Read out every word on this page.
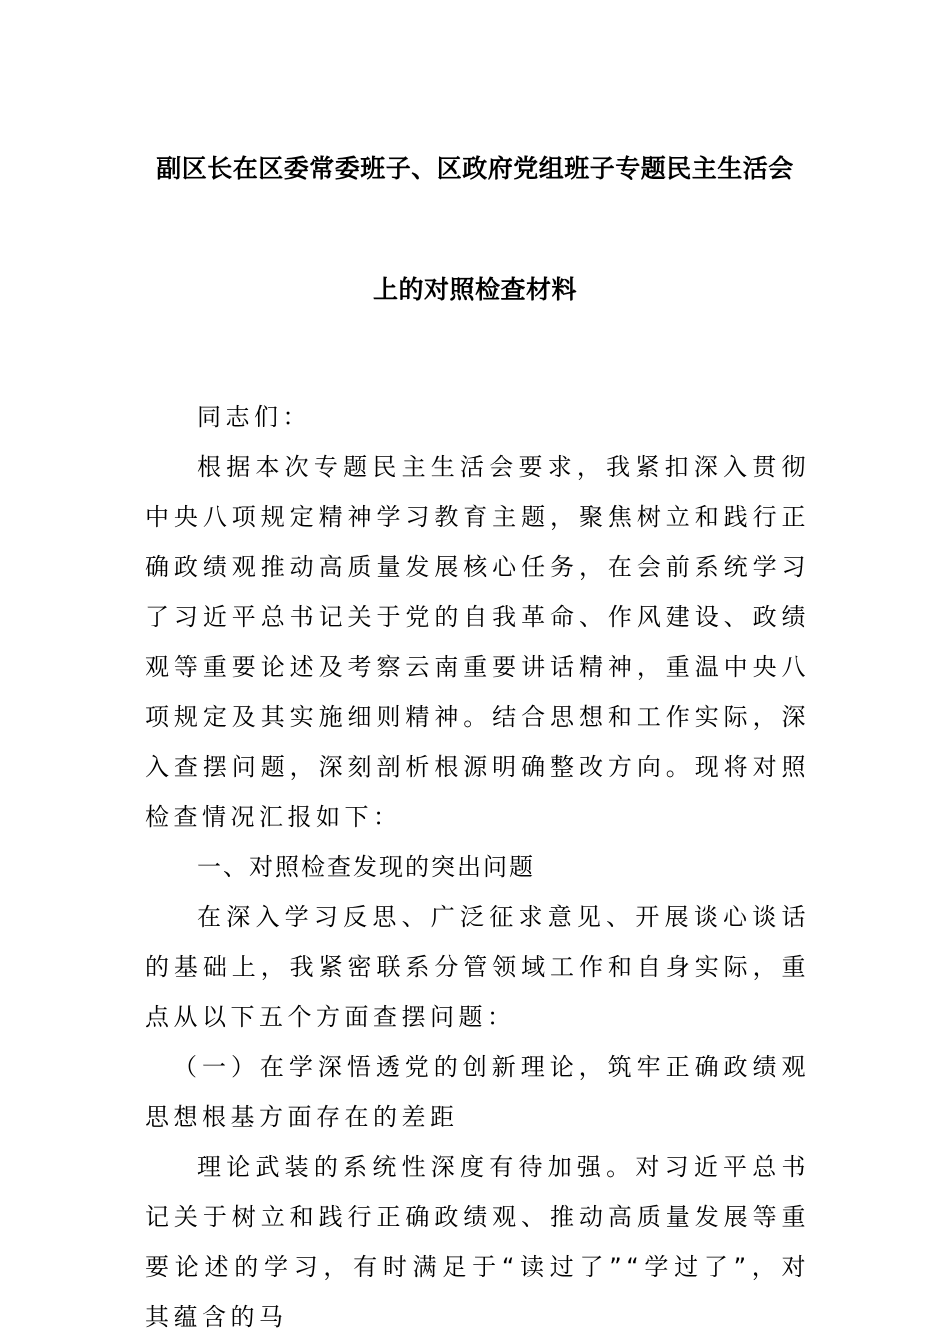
副区长在区委常委班子、区政府党组班子专题民主生活会
上的对照检查材料

同志们：

根据本次专题民主生活会要求，我紧扣深入贯彻中央八项规定精神学习教育主题，聚焦树立和践行正确政绩观推动高质量发展核心任务，在会前系统学习了习近平总书记关于党的自我革命、作风建设、政绩观等重要论述及考察云南重要讲话精神，重温中央八项规定及其实施细则精神。结合思想和工作实际，深入查摆问题，深刻剖析根源明确整改方向。现将对照检查情况汇报如下：

一、对照检查发现的突出问题

在深入学习反思、广泛征求意见、开展谈心谈话的基础上，我紧密联系分管领域工作和自身实际，重点从以下五个方面查摆问题：

（一）在学深悟透党的创新理论，筑牢正确政绩观思想根基方面存在的差距

理论武装的系统性深度有待加强。对习近平总书记关于树立和践行正确政绩观、推动高质量发展等重要论述的学习，有时满足于“读过了”“学过了”，对其蕴含的马
